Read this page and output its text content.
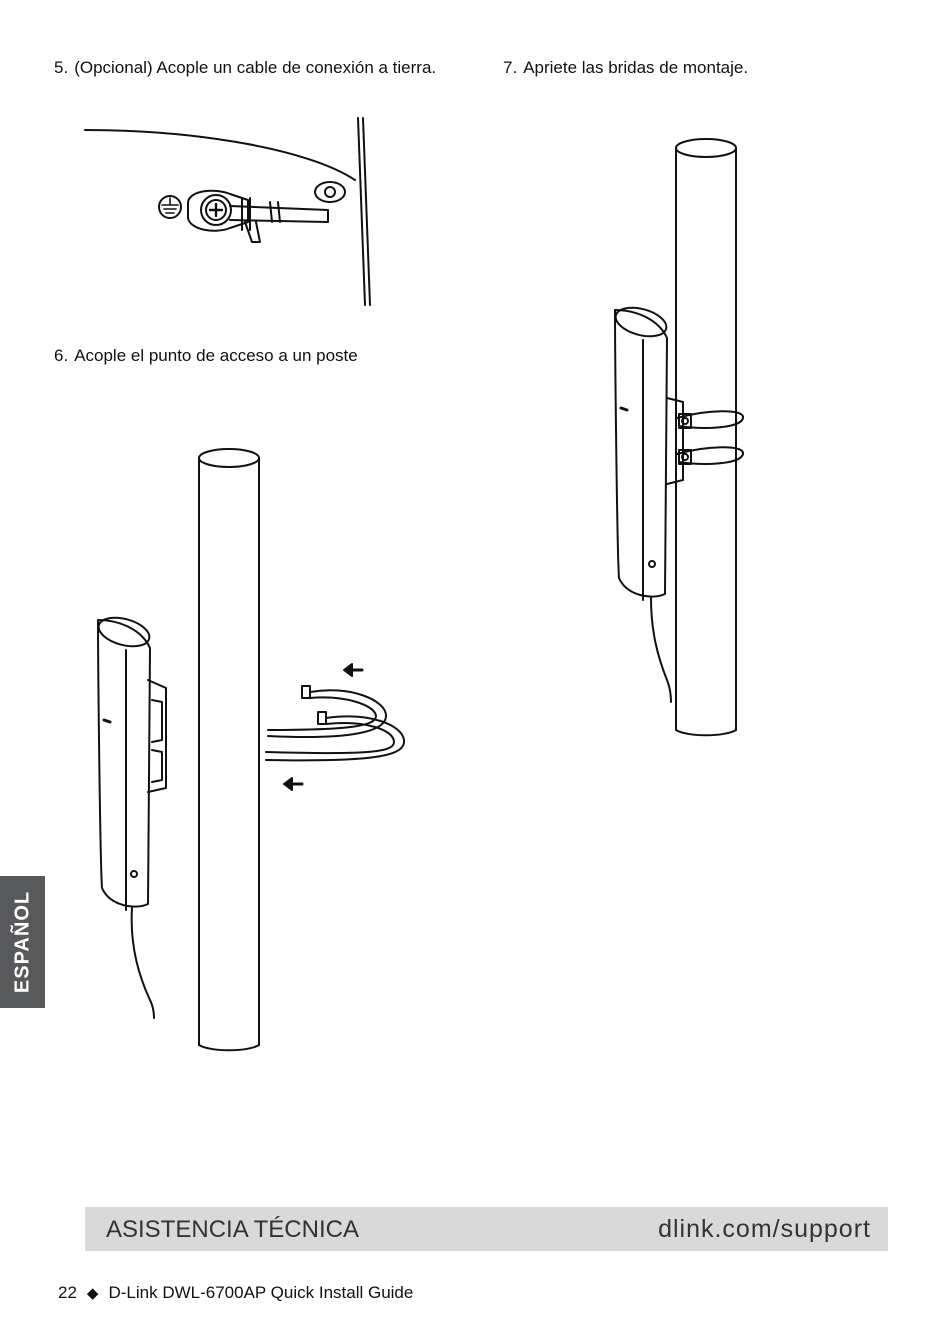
5. (Opcional) Acople un cable de conexión a tierra.	7. Apriete las bridas de montaje.
6. Acople el punto de acceso a un poste
ESPAÑOL
ASISTENCIA TÉCNICA	dlink.com/support
22 ◆ D-Link DWL-6700AP Quick Install Guide
